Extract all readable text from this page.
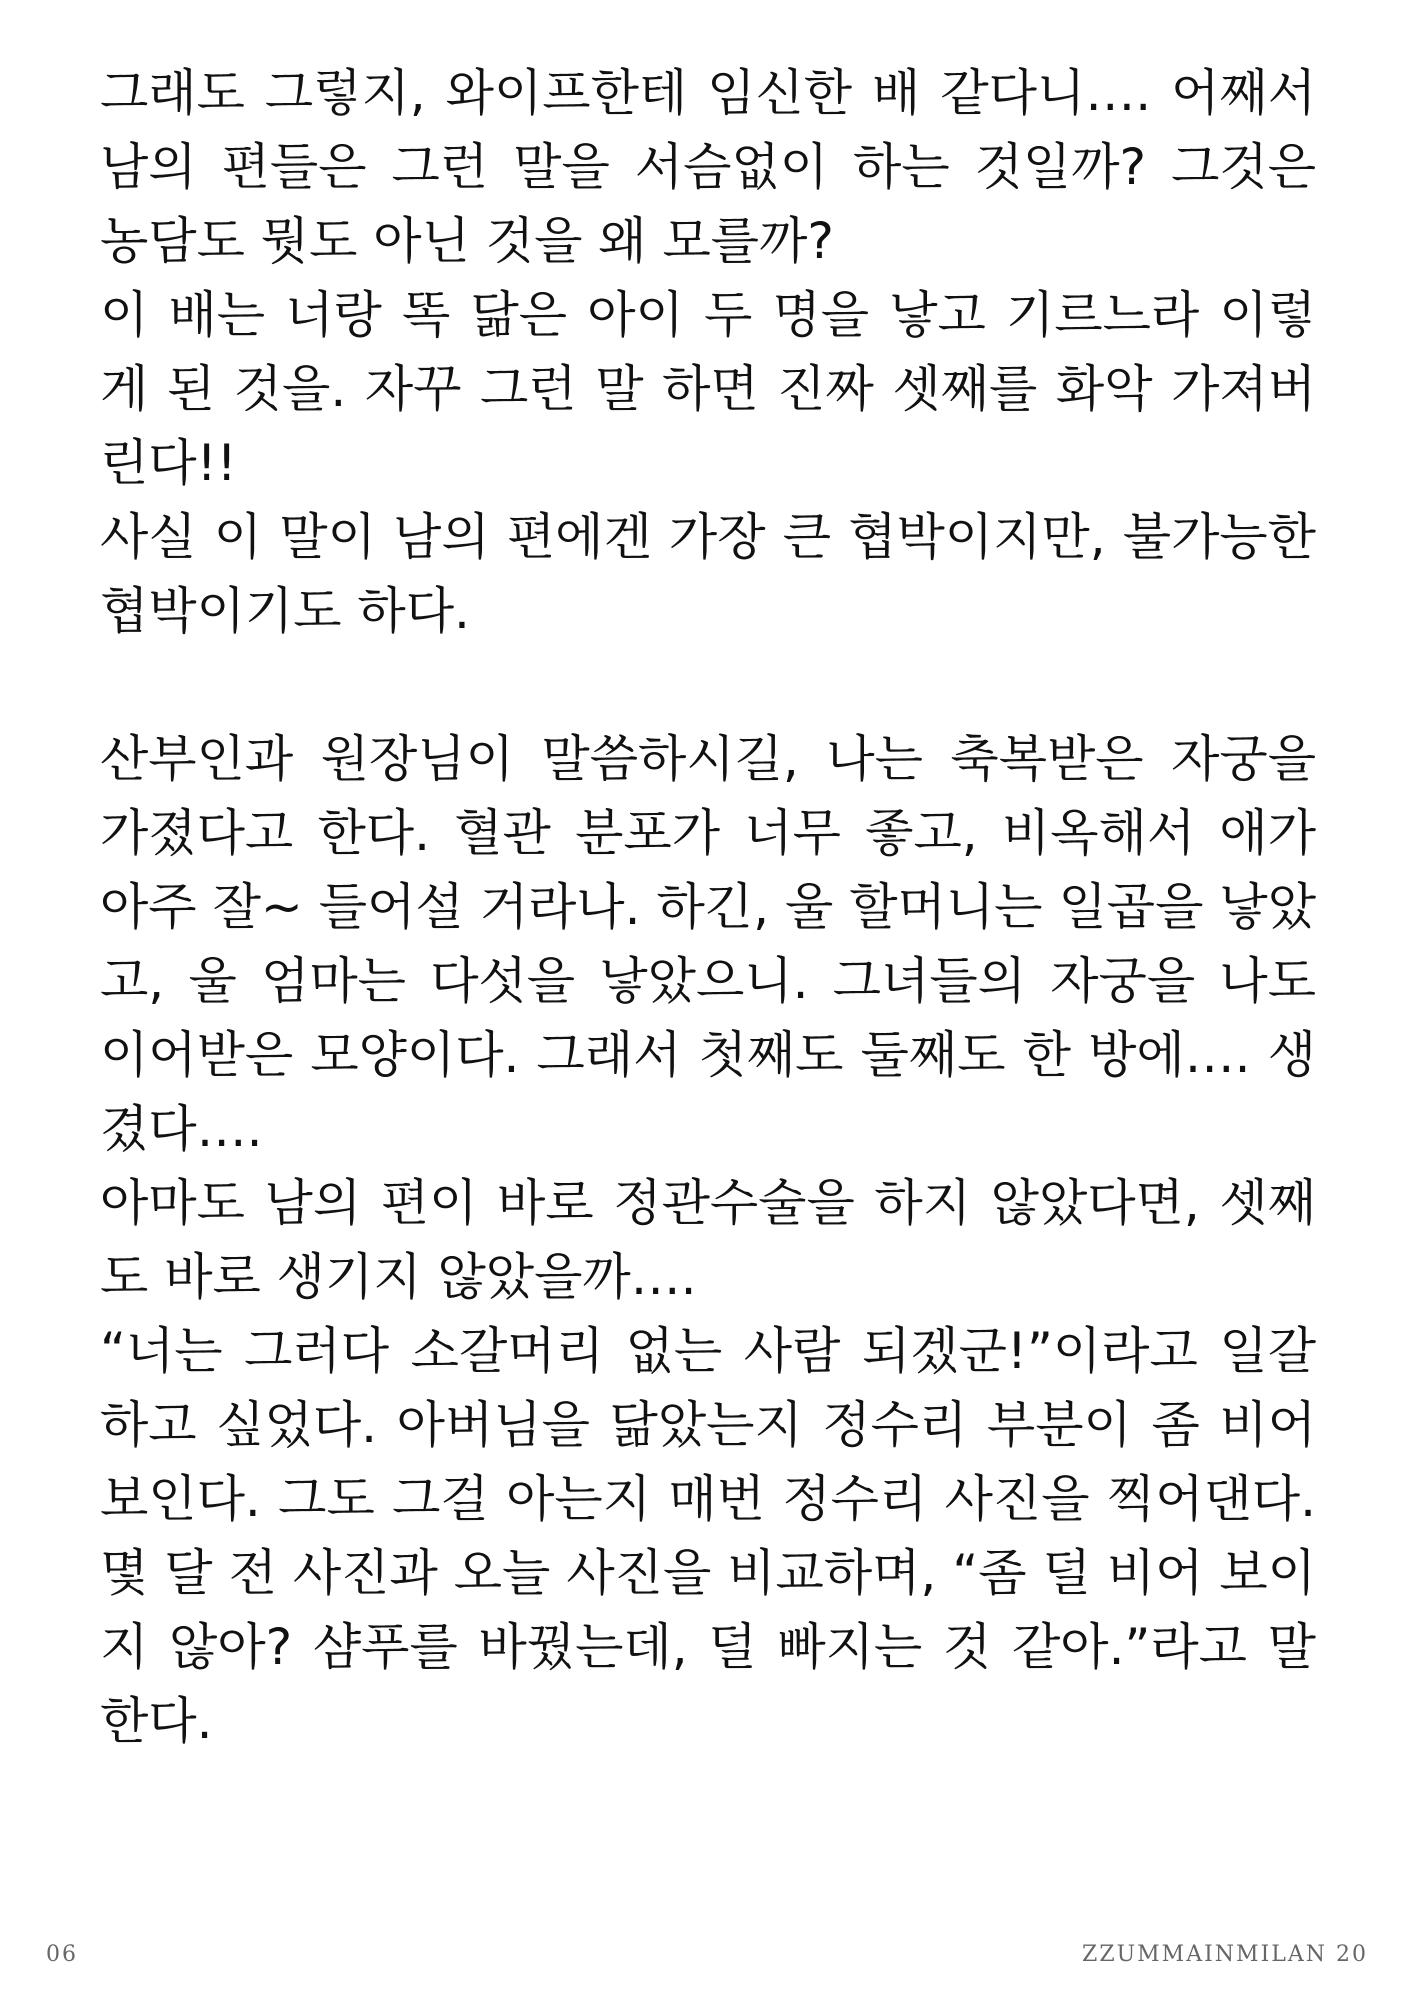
그래도 그렇지, 와이프한테 임신한 배 같다니…. 어째서 남의 편들은 그런 말을 서슴없이 하는 것일까? 그것은 농담도 뭣도 아닌 것을 왜 모를까?

이 배는 너랑 똑 닮은 아이 두 명을 낳고 기르느라 이렇게 된 것을. 자꾸 그런 말 하면 진짜 셋째를 화악 가져버린다!!

사실 이 말이 남의 편에겐 가장 큰 협박이지만, 불가능한 협박이기도 하다.

산부인과 원장님이 말씀하시길, 나는 축복받은 자궁을 가졌다고 한다. 혈관 분포가 너무 좋고, 비옥해서 애가 아주 잘~ 들어설 거라나. 하긴, 울 할머니는 일곱을 낳았고, 울 엄마는 다섯을 낳았으니. 그녀들의 자궁을 나도 이어받은 모양이다. 그래서 첫째도 둘째도 한 방에…. 생겼다….

아마도 남의 편이 바로 정관수술을 하지 않았다면, 셋째도 바로 생기지 않았을까….

“너는 그러다 소갈머리 없는 사람 되겠군!”이라고 일갈하고 싶었다. 아버님을 닮았는지 정수리 부분이 좀 비어 보인다. 그도 그걸 아는지 매번 정수리 사진을 찍어댄다. 몇 달 전 사진과 오늘 사진을 비교하며, “좀 덜 비어 보이지 않아? 샴푸를 바꿨는데, 덜 빠지는 것 같아.”라고 말한다.

06	ZZUMMAINMILAN 20
